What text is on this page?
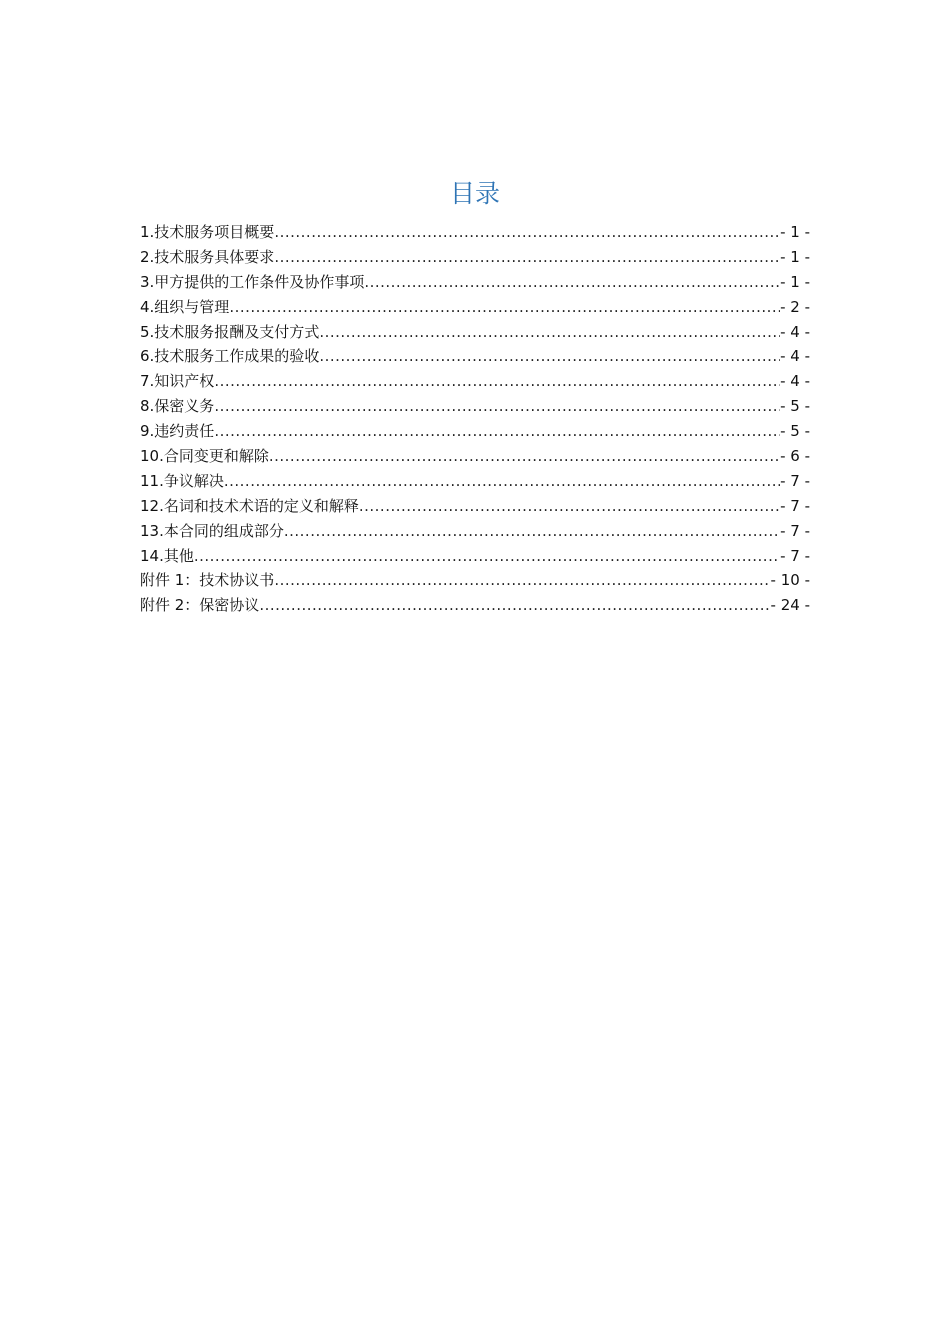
目录
1.技术服务项目概要 .....	- 1 -
2.技术服务具体要求 .....	- 1 -
3.甲方提供的工作条件及协作事项 .....	- 1 -
4.组织与管理 .....	- 2 -
5.技术服务报酬及支付方式 .....	- 4 -
6.技术服务工作成果的验收 .....	- 4 -
7.知识产权 .....	- 4 -
8.保密义务 .....	- 5 -
9.违约责任 .....	- 5 -
10.合同变更和解除 .....	- 6 -
11.争议解决 .....	- 7 -
12.名词和技术术语的定义和解释 .....	- 7 -
13.本合同的组成部分 .....	- 7 -
14.其他 .....	- 7 -
附件 1：技术协议书 .....	- 10 -
附件 2：保密协议 .....	- 24 -
